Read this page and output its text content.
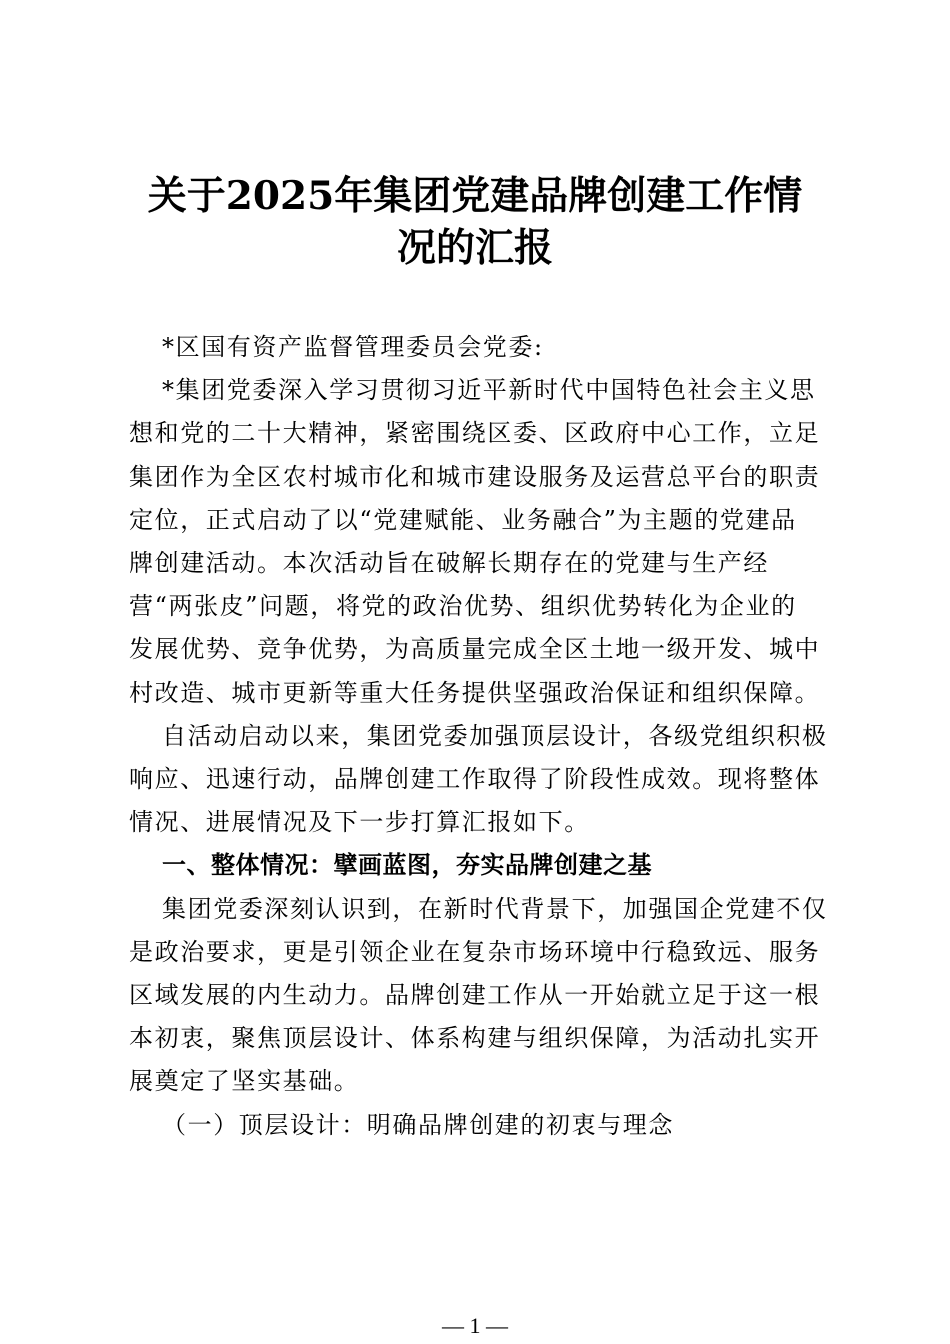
关于2025年集团党建品牌创建工作情
况的汇报

*区国有资产监督管理委员会党委:

*集团党委深入学习贯彻习近平新时代中国特色社会主义思
想和党的二十大精神，紧密围绕区委、区政府中心工作，立足
集团作为全区农村城市化和城市建设服务及运营总平台的职责
定位，正式启动了以“党建赋能、业务融合”为主题的党建品
牌创建活动。本次活动旨在破解长期存在的党建与生产经
营“两张皮”问题，将党的政治优势、组织优势转化为企业的
发展优势、竞争优势，为高质量完成全区土地一级开发、城中
村改造、城市更新等重大任务提供坚强政治保证和组织保障。

自活动启动以来，集团党委加强顶层设计，各级党组织积极
响应、迅速行动，品牌创建工作取得了阶段性成效。现将整体
情况、进展情况及下一步打算汇报如下。

一、整体情况：擘画蓝图，夯实品牌创建之基

集团党委深刻认识到，在新时代背景下，加强国企党建不仅
是政治要求，更是引领企业在复杂市场环境中行稳致远、服务
区域发展的内生动力。品牌创建工作从一开始就立足于这一根
本初衷，聚焦顶层设计、体系构建与组织保障，为活动扎实开
展奠定了坚实基础。

（一）顶层设计：明确品牌创建的初衷与理念

— 1 —
